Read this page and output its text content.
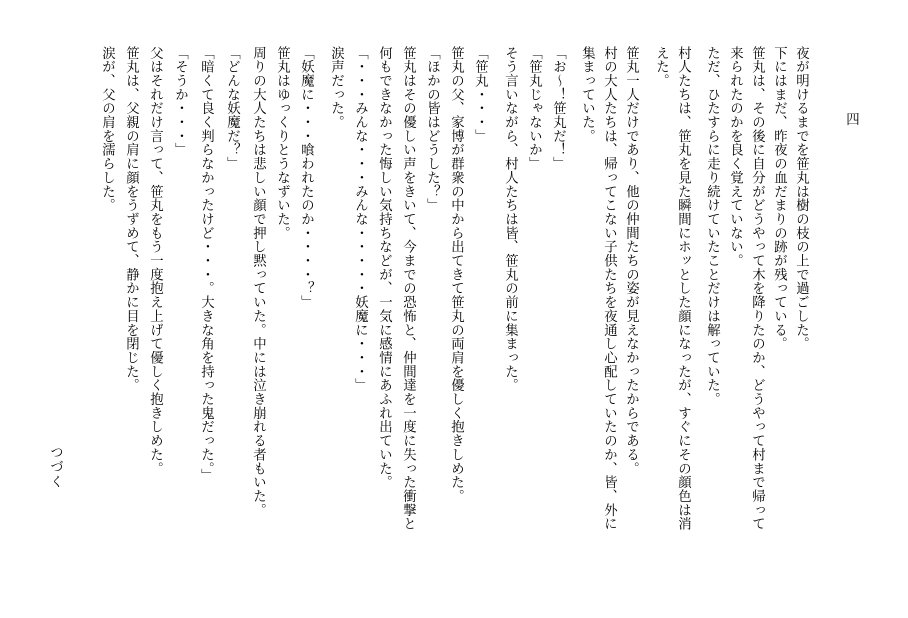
四
夜が明けるまでを笹丸は樹の枝の上で過ごした。
下にはまだ、昨夜の血だまりの跡が残っている。
笹丸は、その後に自分がどうやって木を降りたのか、どうやって村まで帰って
来られたのかを良く覚えていない。
ただ、ひたすらに走り続けていたことだけは解っていた。
村人たちは、笹丸を見た瞬間にホッとした顔になったが、すぐにその顔色は消
えた。
笹丸一人だけであり、他の仲間たちの姿が見えなかったからである。
村の大人たちは、帰ってこない子供たちを夜通し心配していたのか、皆、外に
集まっていた。
「お～！笹丸だ！」
「笹丸じゃないか」
そう言いながら、村人たちは皆、笹丸の前に集まった。
「笹丸・・・」
笹丸の父、家博が群衆の中から出てきて笹丸の両肩を優しく抱きしめた。
「ほかの皆はどうした？」
笹丸はその優しい声をきいて、今までの恐怖と、仲間達を一度に失った衝撃と
何もできなかった悔しい気持ちなどが、一気に感情にあふれ出ていた。
「・・・みんな・・・みんな・・・・・妖魔に・・・」
涙声だった。
「妖魔に・・・喰われたのか・・・・？」
笹丸はゆっくりとうなずいた。
周りの大人たちは悲しい顔で押し黙っていた。中には泣き崩れる者もいた。
「どんな妖魔だ？」
「暗くて良く判らなかったけど・・・。大きな角を持った鬼だった。」
「そうか・・・」
父はそれだけ言って、笹丸をもう一度抱え上げて優しく抱きしめた。
笹丸は、父親の肩に顔をうずめて、静かに目を閉じた。
涙が、父の肩を濡らした。
つづく
